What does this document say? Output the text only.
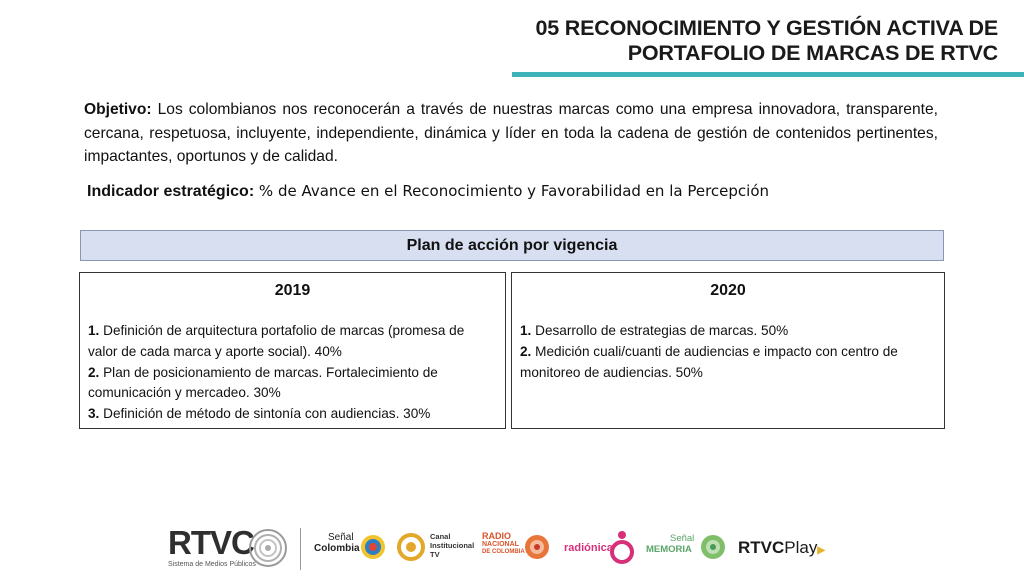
05 RECONOCIMIENTO Y GESTIÓN ACTIVA DE
PORTAFOLIO DE MARCAS DE RTVC
Objetivo: Los colombianos nos reconocerán a través de nuestras marcas como una empresa innovadora, transparente, cercana, respetuosa, incluyente, independiente, dinámica y líder en toda la cadena de gestión de contenidos pertinentes, impactantes, oportunos y de calidad.
Indicador estratégico: % de Avance en el Reconocimiento y Favorabilidad en la Percepción
Plan de acción por vigencia
2019
1. Definición de arquitectura portafolio de marcas (promesa de valor de cada marca y aporte social). 40%
2. Plan de posicionamiento de marcas. Fortalecimiento de comunicación y mercadeo. 30%
3. Definición de método de sintonía con audiencias. 30%
2020
1. Desarrollo de estrategias de marcas. 50%
2. Medición cuali/cuanti de audiencias e impacto con centro de monitoreo de audiencias. 50%
RTVC
Sistema de Medios Públicos
Señal
Colombia
Canal
Institucional
TV
RADIO
NACIONAL
DE COLOMBIA	radiónica
Señal
MEMORIA	RTVCPlay▶
